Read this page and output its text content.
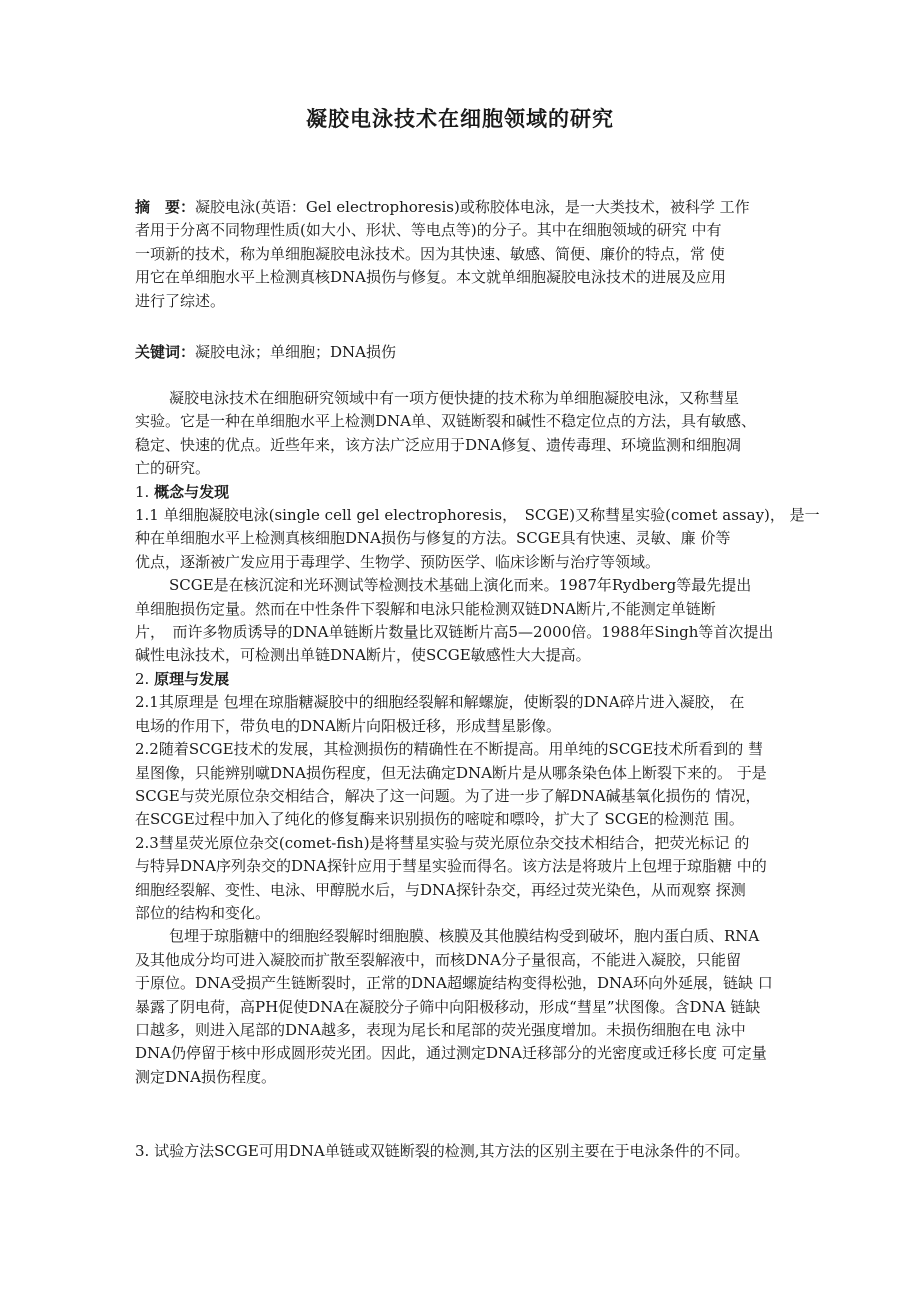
凝胶电泳技术在细胞领域的研究
摘　要：凝胶电泳(英语：Gel electrophoresis)或称胶体电泳，是一大类技术，被科学 工作
者用于分离不同物理性质(如大小、形状、等电点等)的分子。其中在细胞领域的研究 中有
一项新的技术，称为单细胞凝胶电泳技术。因为其快速、敏感、简便、廉价的特点，常 使
用它在单细胞水平上检测真核DNA损伤与修复。本文就单细胞凝胶电泳技术的进展及应用
进行了综述。
关键词：凝胶电泳；单细胞；DNA损伤
凝胶电泳技术在细胞研究领域中有一项方便快捷的技术称为单细胞凝胶电泳，又称彗星
实验。它是一种在单细胞水平上检测DNA单、双链断裂和碱性不稳定位点的方法，具有敏感、
稳定、快速的优点。近些年来，该方法广泛应用于DNA修复、遗传毒理、环境监测和细胞凋
亡的研究。
1. 概念与发现
1.1 单细胞凝胶电泳(single cell gel electrophoresis，　SCGE)又称彗星实验(comet assay)， 是一
种在单细胞水平上检测真核细胞DNA损伤与修复的方法。SCGE具有快速、灵敏、廉 价等
优点，逐渐被广发应用于毒理学、生物学、预防医学、临床诊断与治疗等领域。
SCGE是在核沉淀和光环测试等检测技术基础上演化而来。1987年Rydberg等最先提出
单细胞损伤定量。然而在中性条件下裂解和电泳只能检测双链DNA断片,不能测定单链断
片，　而许多物质诱导的DNA单链断片数量比双链断片高5—2000倍。1988年Singh等首次提出
碱性电泳技术，可检测出单链DNA断片，使SCGE敏感性大大提高。
2. 原理与发展
2.1其原理是 包埋在琼脂糖凝胶中的细胞经裂解和解螺旋，使断裂的DNA碎片进入凝胶， 在
电场的作用下，带负电的DNA断片向阳极迁移，形成彗星影像。
2.2随着SCGE技术的发展，其检测损伤的精确性在不断提高。用单纯的SCGE技术所看到的 彗
星图像，只能辨别噈DNA损伤程度，但无法确定DNA断片是从哪条染色体上断裂下来的。 于是
SCGE与荧光原位杂交相结合，解决了这一问题。为了进一步了解DNA碱基氧化损伤的 情况，
在SCGE过程中加入了纯化的修复酶来识别损伤的嘧啶和嘌呤，扩大了 SCGE的检测范 围。
2.3彗星荧光原位杂交(comet-fish)是将彗星实验与荧光原位杂交技术相结合，把荧光标记 的
与特异DNA序列杂交的DNA探针应用于彗星实验而得名。该方法是将玻片上包埋于琼脂糖 中的
细胞经裂解、变性、电泳、甲醇脱水后，与DNA探针杂交，再经过荧光染色，从而观察 探测
部位的结构和变化。
包埋于琼脂糖中的细胞经裂解时细胞膜、核膜及其他膜结构受到破坏，胞内蛋白质、RNA
及其他成分均可进入凝胶而扩散至裂解液中，而核DNA分子量很高，不能进入凝胶，只能留
于原位。DNA受损产生链断裂时，正常的DNA超螺旋结构变得松弛，DNA环向外延展，链缺 口
暴露了阴电荷，高PH促使DNA在凝胶分子筛中向阳极移动，形成“彗星”状图像。含DNA 链缺
口越多，则进入尾部的DNA越多，表现为尾长和尾部的荧光强度增加。未损伤细胞在电 泳中
DNA仍停留于核中形成圆形荧光团。因此，通过测定DNA迁移部分的光密度或迁移长度 可定量
测定DNA损伤程度。
3. 试验方法SCGE可用DNA单链或双链断裂的检测,其方法的区别主要在于电泳条件的不同。
